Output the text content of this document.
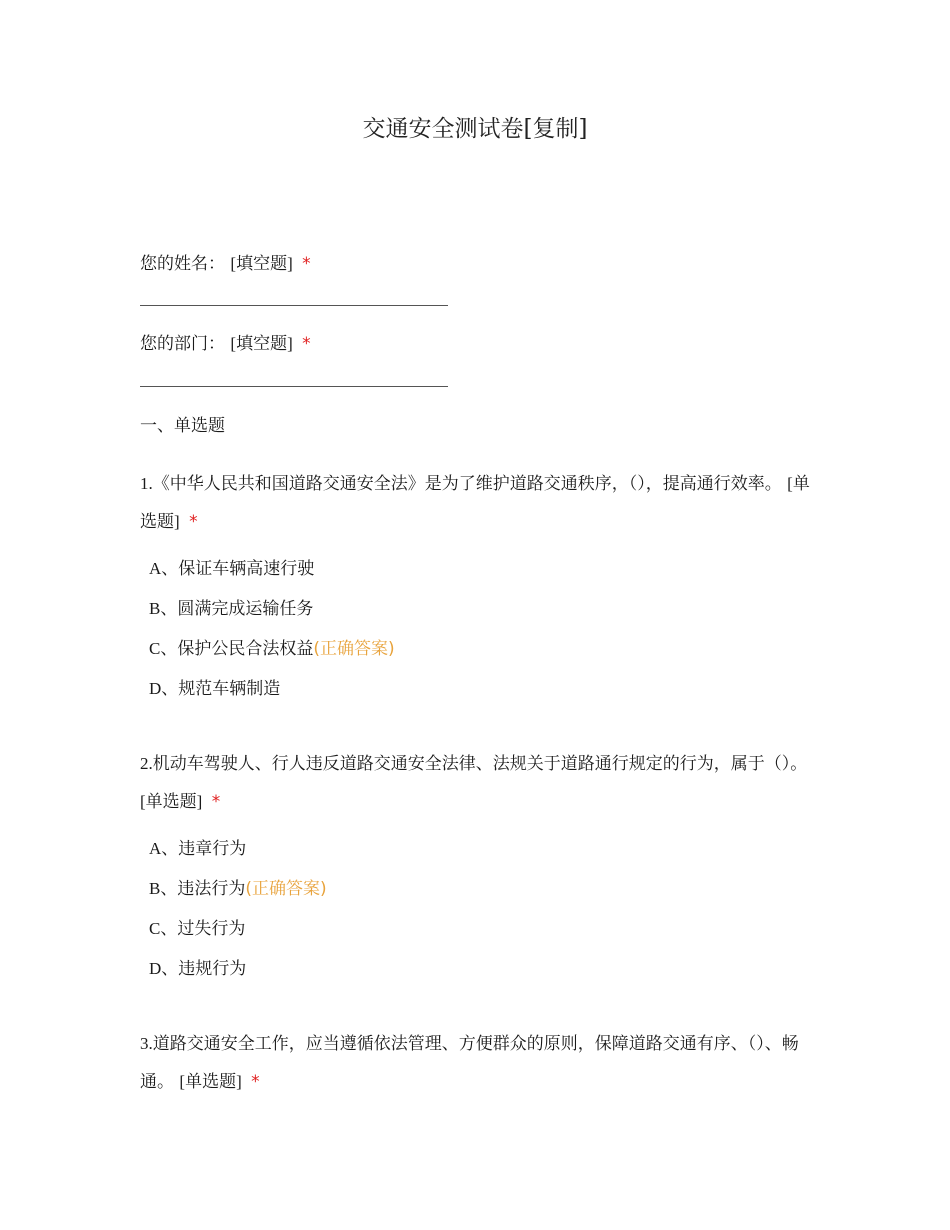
交通安全测试卷[复制]
您的姓名： [填空题] *
您的部门： [填空题] *
一、单选题
1.《中华人民共和国道路交通安全法》是为了维护道路交通秩序，（），提高通行效率。 [单选题] *
A、保证车辆高速行驶
B、圆满完成运输任务
C、保护公民合法权益(正确答案)
D、规范车辆制造
2.机动车驾驶人、行人违反道路交通安全法律、法规关于道路通行规定的行为，属于（）。 [单选题] *
A、违章行为
B、违法行为(正确答案)
C、过失行为
D、违规行为
3.道路交通安全工作，应当遵循依法管理、方便群众的原则，保障道路交通有序、（）、畅通。 [单选题] *
